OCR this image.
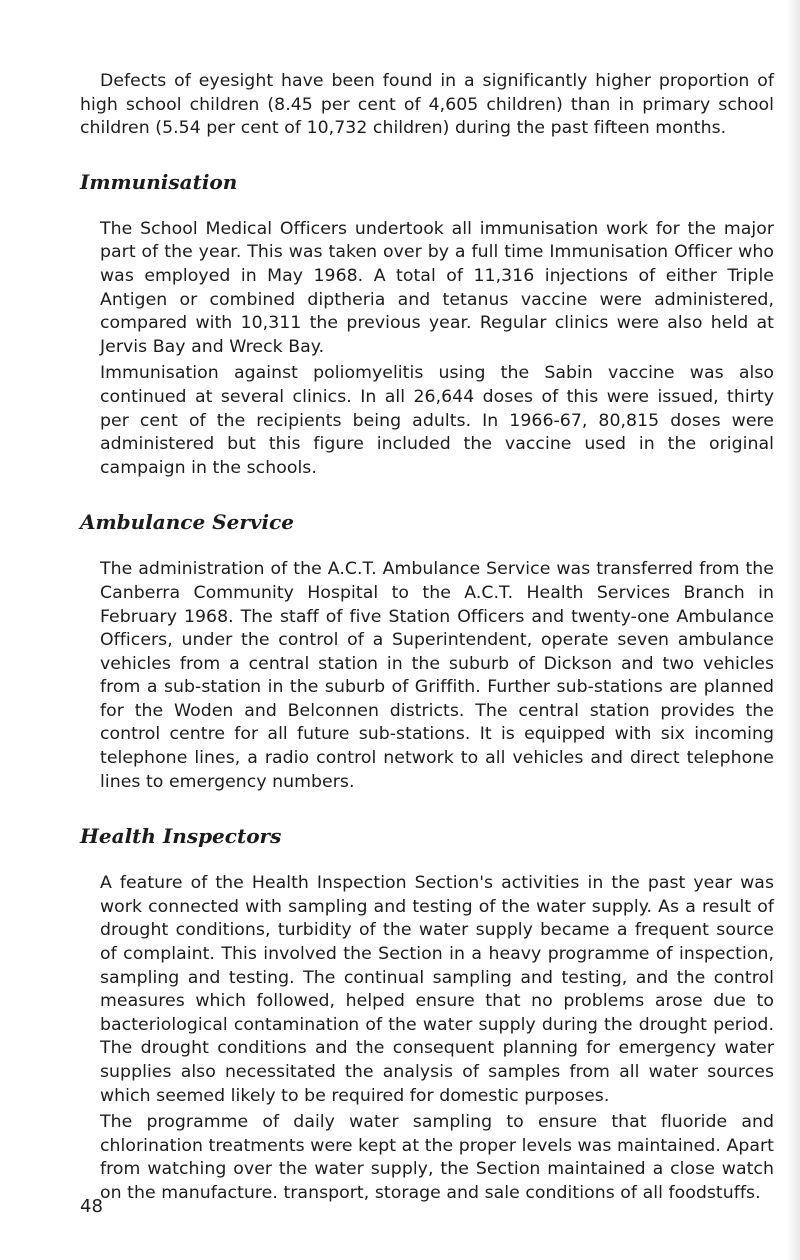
Defects of eyesight have been found in a significantly higher proportion of high school children (8.45 per cent of 4,605 children) than in primary school children (5.54 per cent of 10,732 children) during the past fifteen months.

Immunisation

The School Medical Officers undertook all immunisation work for the major part of the year. This was taken over by a full time Immunisation Officer who was employed in May 1968. A total of 11,316 injections of either Triple Antigen or combined diptheria and tetanus vaccine were administered, compared with 10,311 the previous year. Regular clinics were also held at Jervis Bay and Wreck Bay.

Immunisation against poliomyelitis using the Sabin vaccine was also continued at several clinics. In all 26,644 doses of this were issued, thirty per cent of the recipients being adults. In 1966-67, 80,815 doses were administered but this figure included the vaccine used in the original campaign in the schools.

Ambulance Service

The administration of the A.C.T. Ambulance Service was transferred from the Canberra Community Hospital to the A.C.T. Health Services Branch in February 1968. The staff of five Station Officers and twenty-one Ambulance Officers, under the control of a Superintendent, operate seven ambulance vehicles from a central station in the suburb of Dickson and two vehicles from a sub-station in the suburb of Griffith. Further sub-stations are planned for the Woden and Belconnen districts. The central station provides the control centre for all future sub-stations. It is equipped with six incoming telephone lines, a radio control network to all vehicles and direct telephone lines to emergency numbers.

Health Inspectors

A feature of the Health Inspection Section's activities in the past year was work connected with sampling and testing of the water supply. As a result of drought conditions, turbidity of the water supply became a frequent source of complaint. This involved the Section in a heavy programme of inspection, sampling and testing. The continual sampling and testing, and the control measures which followed, helped ensure that no problems arose due to bacteriological contamination of the water supply during the drought period. The drought conditions and the consequent planning for emergency water supplies also necessitated the analysis of samples from all water sources which seemed likely to be required for domestic purposes.

The programme of daily water sampling to ensure that fluoride and chlorination treatments were kept at the proper levels was maintained. Apart from watching over the water supply, the Section maintained a close watch on the manufacture. transport, storage and sale conditions of all foodstuffs.

48
